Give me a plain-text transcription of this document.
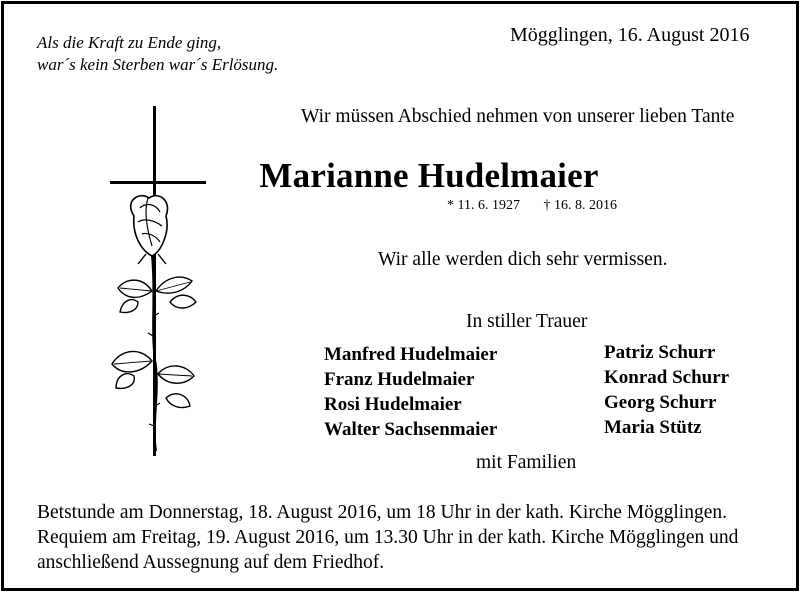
Als die Kraft zu Ende ging,
war´s kein Sterben war´s Erlösung.
Mögglingen, 16. August 2016
Wir müssen Abschied nehmen von unserer lieben Tante
Marianne Hudelmaier
* 11. 6. 1927 † 16. 8. 2016
Wir alle werden dich sehr vermissen.
In stiller Trauer
Manfred Hudelmaier
Franz Hudelmaier
Rosi Hudelmaier
Walter Sachsenmaier
Patriz Schurr
Konrad Schurr
Georg Schurr
Maria Stütz
mit Familien
Betstunde am Donnerstag, 18. August 2016, um 18 Uhr in der kath. Kirche Mögglingen.
Requiem am Freitag, 19. August 2016, um 13.30 Uhr in der kath. Kirche Mögglingen und
anschließend Aussegnung auf dem Friedhof.
